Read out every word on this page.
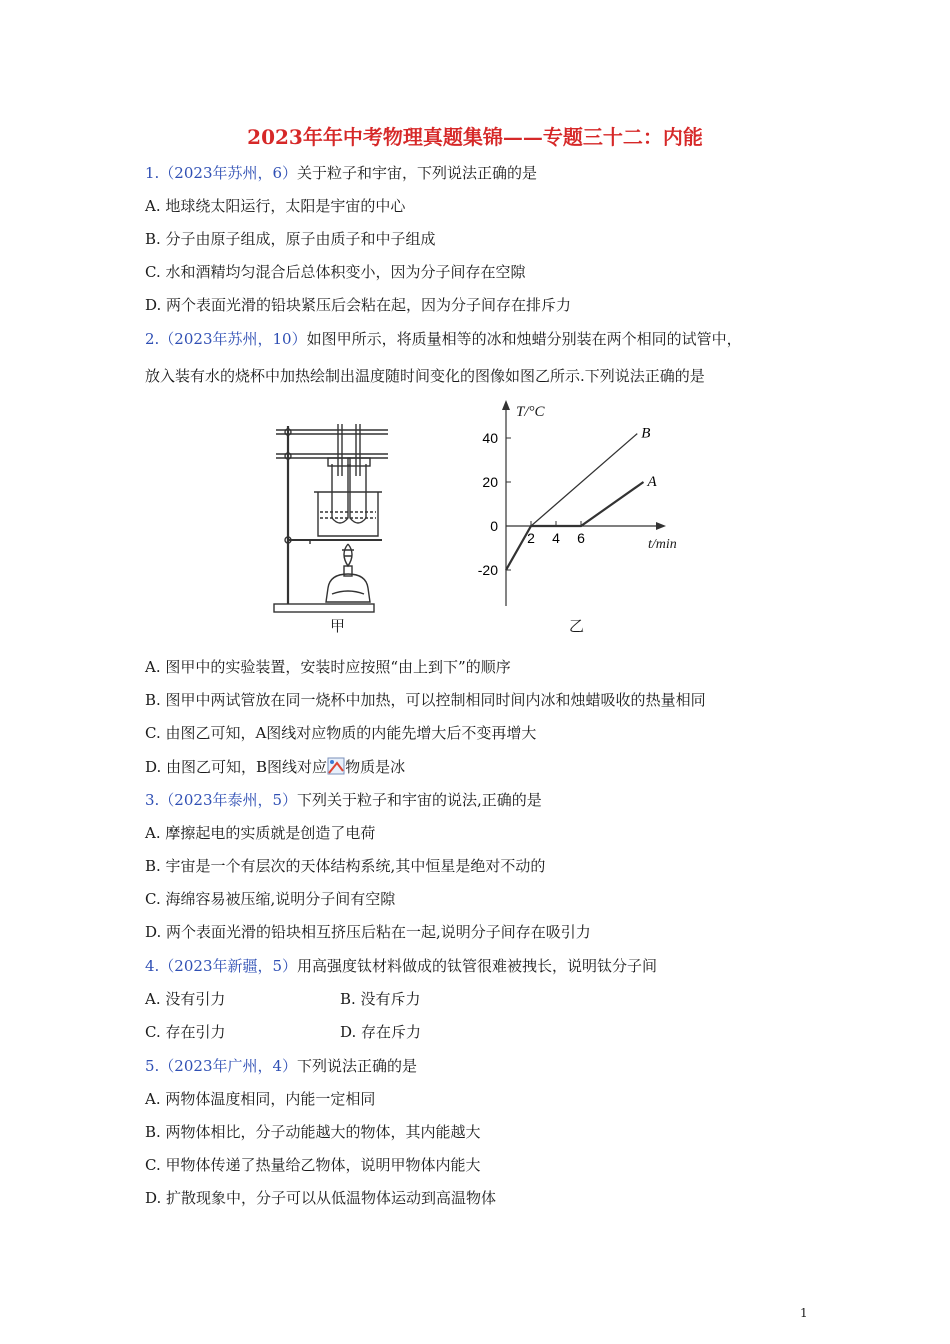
2023年年中考物理真题集锦——专题三十二：内能
1.（2023年苏州，6）关于粒子和宇宙，下列说法正确的是
A. 地球绕太阳运行，太阳是宇宙的中心
B. 分子由原子组成，原子由质子和中子组成
C. 水和酒精均匀混合后总体积变小，因为分子间存在空隙
D. 两个表面光滑的铅块紧压后会粘在起，因为分子间存在排斥力
2.（2023年苏州，10）如图甲所示，将质量相等的冰和烛蜡分别装在两个相同的试管中，
放入装有水的烧杯中加热绘制出温度随时间变化的图像如图乙所示.下列说法正确的是
甲
2 4 6
40
20
0
-20
A
B
T/°C
t/min
乙
A. 图甲中的实验装置，安装时应按照“由上到下”的顺序
B. 图甲中两试管放在同一烧杯中加热，可以控制相同时间内冰和烛蜡吸收的热量相同
C. 由图乙可知，A图线对应物质的内能先增大后不变再增大
D. 由图乙可知，B图线对应 物质是冰
3.（2023年泰州，5）下列关于粒子和宇宙的说法,正确的是
A. 摩擦起电的实质就是创造了电荷
B. 宇宙是一个有层次的天体结构系统,其中恒星是绝对不动的
C. 海绵容易被压缩,说明分子间有空隙
D. 两个表面光滑的铅块相互挤压后粘在一起,说明分子间存在吸引力
4.（2023年新疆，5）用高强度钛材料做成的钛管很难被拽长，说明钛分子间
A. 没有引力	B. 没有斥力
C. 存在引力	D. 存在斥力
5.（2023年广州，4）下列说法正确的是
A. 两物体温度相同，内能一定相同
B. 两物体相比，分子动能越大的物体，其内能越大
C. 甲物体传递了热量给乙物体，说明甲物体内能大
D. 扩散现象中，分子可以从低温物体运动到高温物体
1
